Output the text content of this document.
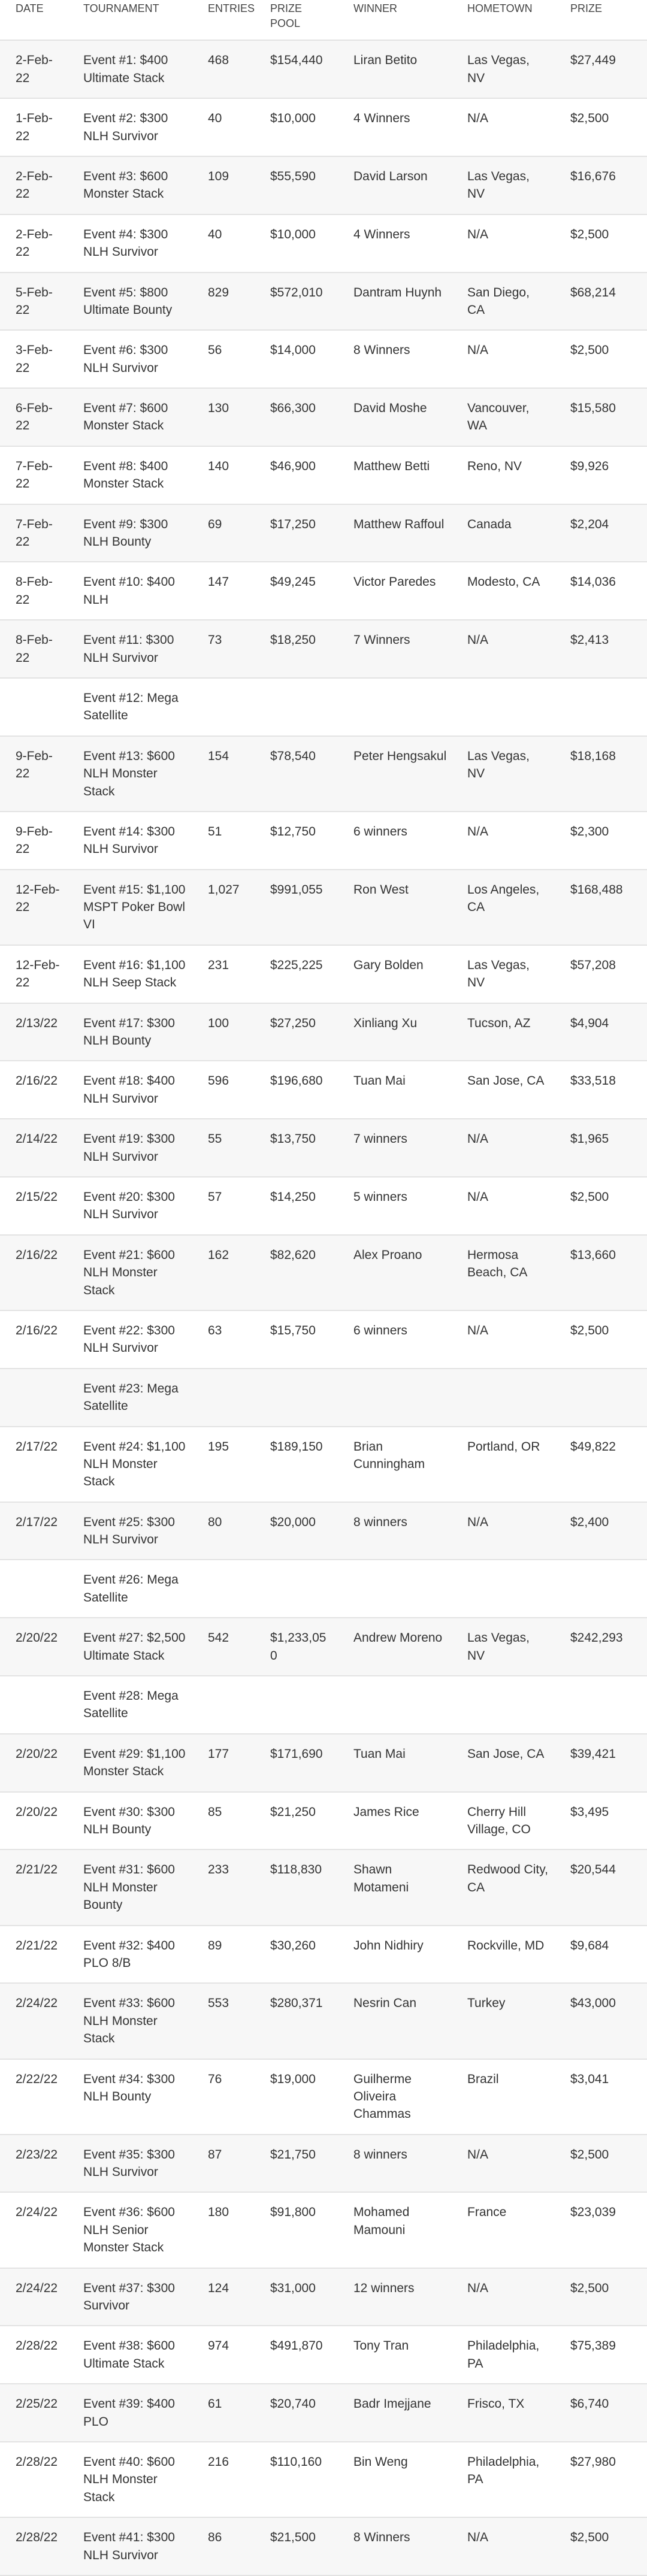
DATE	TOURNAMENT	ENTRIES	PRIZE POOL	WINNER	HOMETOWN	PRIZE
2-Feb-22	Event #1: $400 Ultimate Stack	468	$154,440	Liran Betito	Las Vegas, NV	$27,449
1-Feb-22	Event #2: $300 NLH Survivor	40	$10,000	4 Winners	N/A	$2,500
2-Feb-22	Event #3: $600 Monster Stack	109	$55,590	David Larson	Las Vegas, NV	$16,676
2-Feb-22	Event #4: $300 NLH Survivor	40	$10,000	4 Winners	N/A	$2,500
5-Feb-22	Event #5: $800 Ultimate Bounty	829	$572,010	Dantram Huynh	San Diego, CA	$68,214
3-Feb-22	Event #6: $300 NLH Survivor	56	$14,000	8 Winners	N/A	$2,500
6-Feb-22	Event #7: $600 Monster Stack	130	$66,300	David Moshe	Vancouver, WA	$15,580
7-Feb-22	Event #8: $400 Monster Stack	140	$46,900	Matthew Betti	Reno, NV	$9,926
7-Feb-22	Event #9: $300 NLH Bounty	69	$17,250	Matthew Raffoul	Canada	$2,204
8-Feb-22	Event #10: $400 NLH	147	$49,245	Victor Paredes	Modesto, CA	$14,036
8-Feb-22	Event #11: $300 NLH Survivor	73	$18,250	7 Winners	N/A	$2,413
	Event #12: Mega Satellite					
9-Feb-22	Event #13: $600 NLH Monster Stack	154	$78,540	Peter Hengsakul	Las Vegas, NV	$18,168
9-Feb-22	Event #14: $300 NLH Survivor	51	$12,750	6 winners	N/A	$2,300
12-Feb-22	Event #15: $1,100 MSPT Poker Bowl VI	1,027	$991,055	Ron West	Los Angeles, CA	$168,488
12-Feb-22	Event #16: $1,100 NLH Seep Stack	231	$225,225	Gary Bolden	Las Vegas, NV	$57,208
2/13/22	Event #17: $300 NLH Bounty	100	$27,250	Xinliang Xu	Tucson, AZ	$4,904
2/16/22	Event #18: $400 NLH Survivor	596	$196,680	Tuan Mai	San Jose, CA	$33,518
2/14/22	Event #19: $300 NLH Survivor	55	$13,750	7 winners	N/A	$1,965
2/15/22	Event #20: $300 NLH Survivor	57	$14,250	5 winners	N/A	$2,500
2/16/22	Event #21: $600 NLH Monster Stack	162	$82,620	Alex Proano	Hermosa Beach, CA	$13,660
2/16/22	Event #22: $300 NLH Survivor	63	$15,750	6 winners	N/A	$2,500
	Event #23: Mega Satellite					
2/17/22	Event #24: $1,100 NLH Monster Stack	195	$189,150	Brian Cunningham	Portland, OR	$49,822
2/17/22	Event #25: $300 NLH Survivor	80	$20,000	8 winners	N/A	$2,400
	Event #26: Mega Satellite					
2/20/22	Event #27: $2,500 Ultimate Stack	542	$1,233,050	Andrew Moreno	Las Vegas, NV	$242,293
	Event #28: Mega Satellite					
2/20/22	Event #29: $1,100 Monster Stack	177	$171,690	Tuan Mai	San Jose, CA	$39,421
2/20/22	Event #30: $300 NLH Bounty	85	$21,250	James Rice	Cherry Hill Village, CO	$3,495
2/21/22	Event #31: $600 NLH Monster Bounty	233	$118,830	Shawn Motameni	Redwood City, CA	$20,544
2/21/22	Event #32: $400 PLO 8/B	89	$30,260	John Nidhiry	Rockville, MD	$9,684
2/24/22	Event #33: $600 NLH Monster Stack	553	$280,371	Nesrin Can	Turkey	$43,000
2/22/22	Event #34: $300 NLH Bounty	76	$19,000	Guilherme Oliveira Chammas	Brazil	$3,041
2/23/22	Event #35: $300 NLH Survivor	87	$21,750	8 winners	N/A	$2,500
2/24/22	Event #36: $600 NLH Senior Monster Stack	180	$91,800	Mohamed Mamouni	France	$23,039
2/24/22	Event #37: $300 Survivor	124	$31,000	12 winners	N/A	$2,500
2/28/22	Event #38: $600 Ultimate Stack	974	$491,870	Tony Tran	Philadelphia, PA	$75,389
2/25/22	Event #39: $400 PLO	61	$20,740	Badr Imejjane	Frisco, TX	$6,740
2/28/22	Event #40: $600 NLH Monster Stack	216	$110,160	Bin Weng	Philadelphia, PA	$27,980
2/28/22	Event #41: $300 NLH Survivor	86	$21,500	8 Winners	N/A	$2,500
